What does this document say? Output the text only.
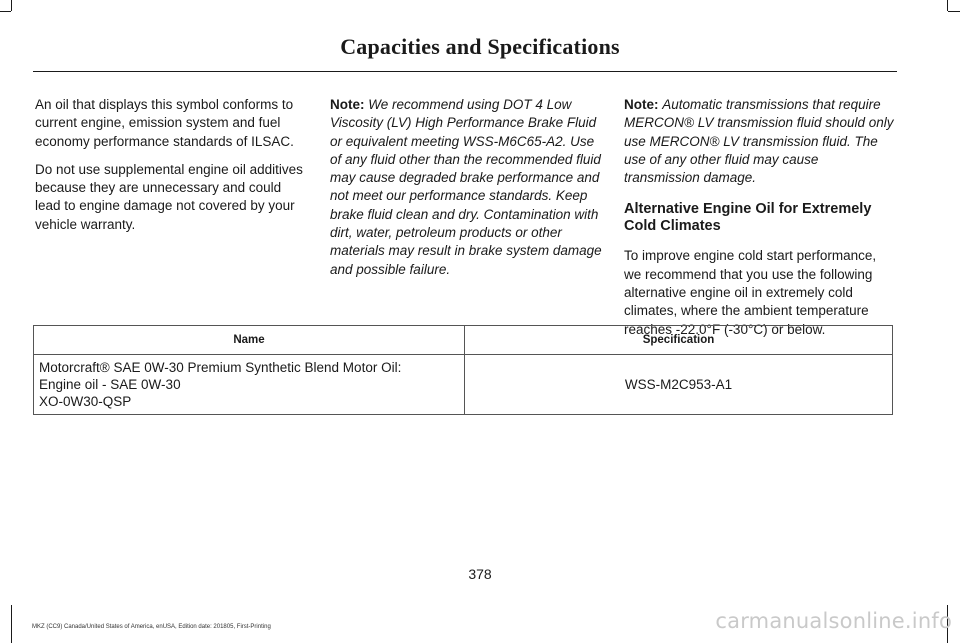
Capacities and Specifications

An oil that displays this symbol conforms to current engine, emission system and fuel economy performance standards of ILSAC.

Do not use supplemental engine oil additives because they are unnecessary and could lead to engine damage not covered by your vehicle warranty.

Note: We recommend using DOT 4 Low Viscosity (LV) High Performance Brake Fluid or equivalent meeting WSS-M6C65-A2. Use of any fluid other than the recommended fluid may cause degraded brake performance and not meet our performance standards. Keep brake fluid clean and dry. Contamination with dirt, water, petroleum products or other materials may result in brake system damage and possible failure.

Note: Automatic transmissions that require MERCON® LV transmission fluid should only use MERCON® LV transmission fluid. The use of any other fluid may cause transmission damage.

Alternative Engine Oil for Extremely Cold Climates

To improve engine cold start performance, we recommend that you use the following alternative engine oil in extremely cold climates, where the ambient temperature reaches -22.0°F (-30°C) or below.

Name	Specification

Motorcraft® SAE 0W-30 Premium Synthetic Blend Motor Oil:
Engine oil - SAE 0W-30
XO-0W30-QSP	WSS-M2C953-A1
378
MKZ (CC9) Canada/United States of America, enUSA, Edition date: 201805, First-Printing	carmanualsonline.info
